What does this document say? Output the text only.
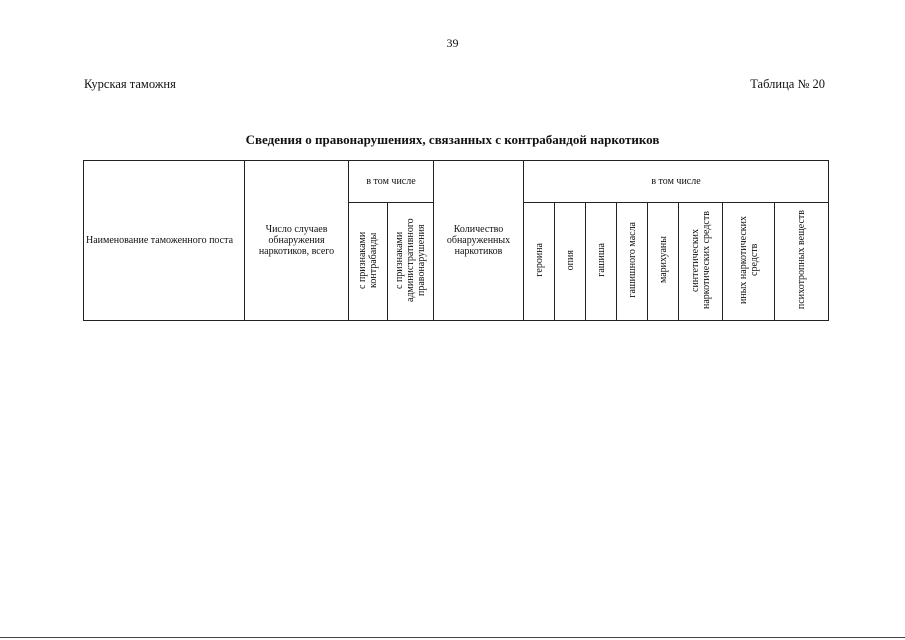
39
Курская таможня	Таблица № 20
Сведения о правонарушениях, связанных с контрабандой наркотиков
Наименование таможенного поста	Число случаев обнаружения наркотиков, всего	в том числе		Количество обнаруженных наркотиков	в том числе							
		с признаками контрабанды	с признаками административного правонарушения		героина	опия	гашиша	гашишного масла	марихуаны	синтетических наркотических средств	иных наркотических средств	психотропных веществ
